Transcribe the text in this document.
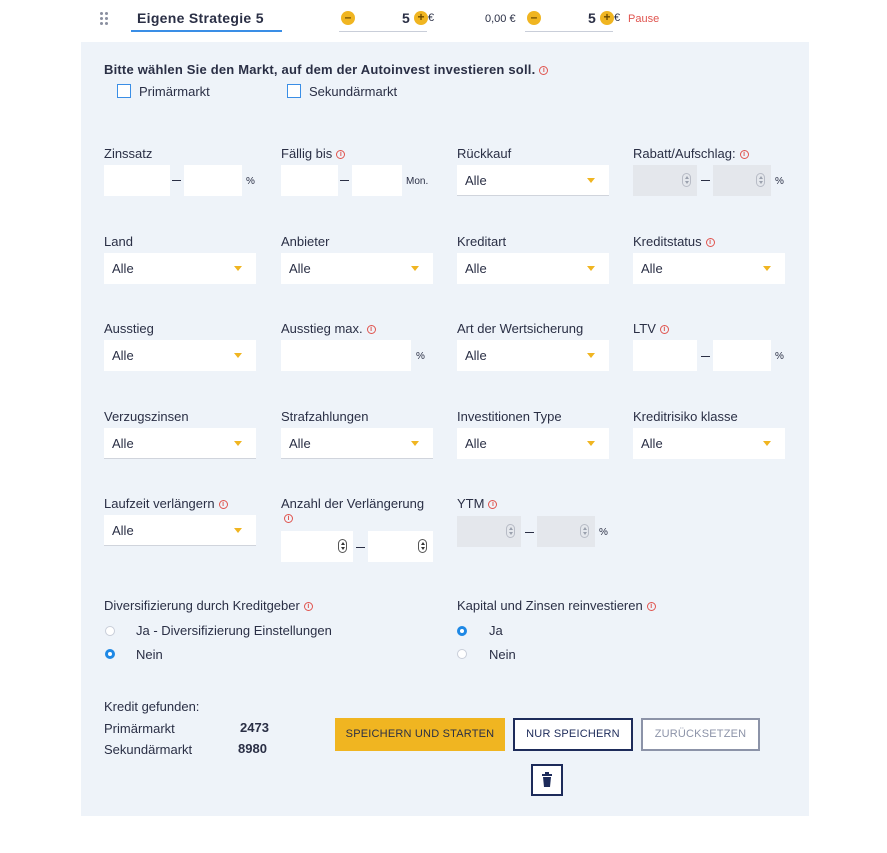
Eigene Strategie 5	–	5 + €	0,00 €	–	5 + € Pause
Bitte wählen Sie den Markt, auf dem der Autoinvest investieren soll. i
Primärmarkt	Sekundärmarkt
Zinssatz
%
Fällig bis i
Mon.
Rückkauf
Alle
Rabatt/Aufschlag: i
%
Land
Alle
Anbieter
Alle
Kreditart
Alle
Kreditstatus i
Alle
Ausstieg
Alle
Ausstieg max. i
%
Art der Wertsicherung
Alle
LTV i
%
Verzugszinsen
Alle
Strafzahlungen
Alle
Investitionen Type
Alle
Kreditrisiko klasse
Alle
Laufzeit verlängern i
Alle
Anzahl der Verlängerung
i
YTM i
%
Diversifizierung durch Kreditgeber i
Ja - Diversifizierung Einstellungen
Nein
Kapital und Zinsen reinvestieren i
Ja
Nein
Kredit gefunden:
Primärmarkt	2473
Sekundärmarkt	8980
SPEICHERN UND STARTEN	NUR SPEICHERN	ZURÜCKSETZEN
